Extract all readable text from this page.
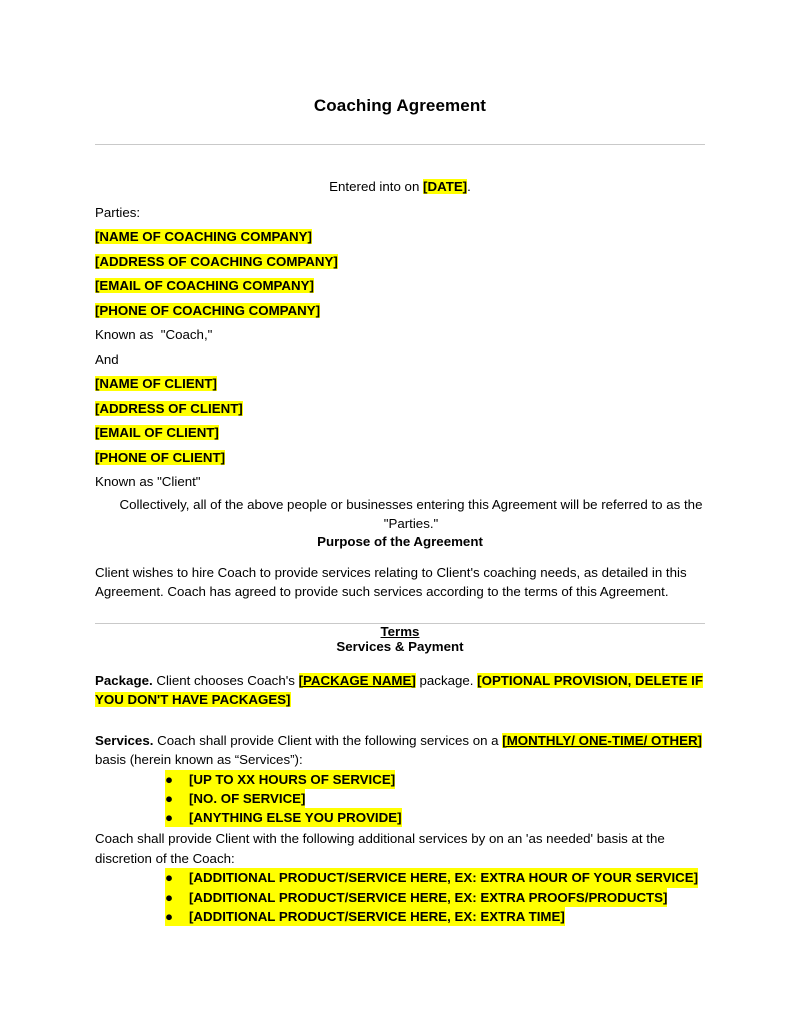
Coaching Agreement

Entered into on [DATE].

Parties:

[NAME OF COACHING COMPANY]

[ADDRESS OF COACHING COMPANY]

[EMAIL OF COACHING COMPANY]

[PHONE OF COACHING COMPANY]

Known as  "Coach,"

And

[NAME OF CLIENT]

[ADDRESS OF CLIENT]

[EMAIL OF CLIENT]

[PHONE OF CLIENT]

Known as "Client"

Collectively, all of the above people or businesses entering this Agreement will be referred to as the "Parties."

Purpose of the Agreement

Client wishes to hire Coach to provide services relating to Client's coaching needs, as detailed in this Agreement. Coach has agreed to provide such services according to the terms of this Agreement.

Terms

Services & Payment

Package. Client chooses Coach's [PACKAGE NAME] package. [OPTIONAL PROVISION, DELETE IF YOU DON'T HAVE PACKAGES]

Services. Coach shall provide Client with the following services on a [MONTHLY/ ONE-TIME/ OTHER] basis (herein known as “Services”):

● [UP TO XX HOURS OF SERVICE]
● [NO. OF SERVICE]
● [ANYTHING ELSE YOU PROVIDE]

Coach shall provide Client with the following additional services by on an 'as needed' basis at the discretion of the Coach:

● [ADDITIONAL PRODUCT/SERVICE HERE, EX: EXTRA HOUR OF YOUR SERVICE]
● [ADDITIONAL PRODUCT/SERVICE HERE, EX: EXTRA PROOFS/PRODUCTS]
● [ADDITIONAL PRODUCT/SERVICE HERE, EX: EXTRA TIME]
